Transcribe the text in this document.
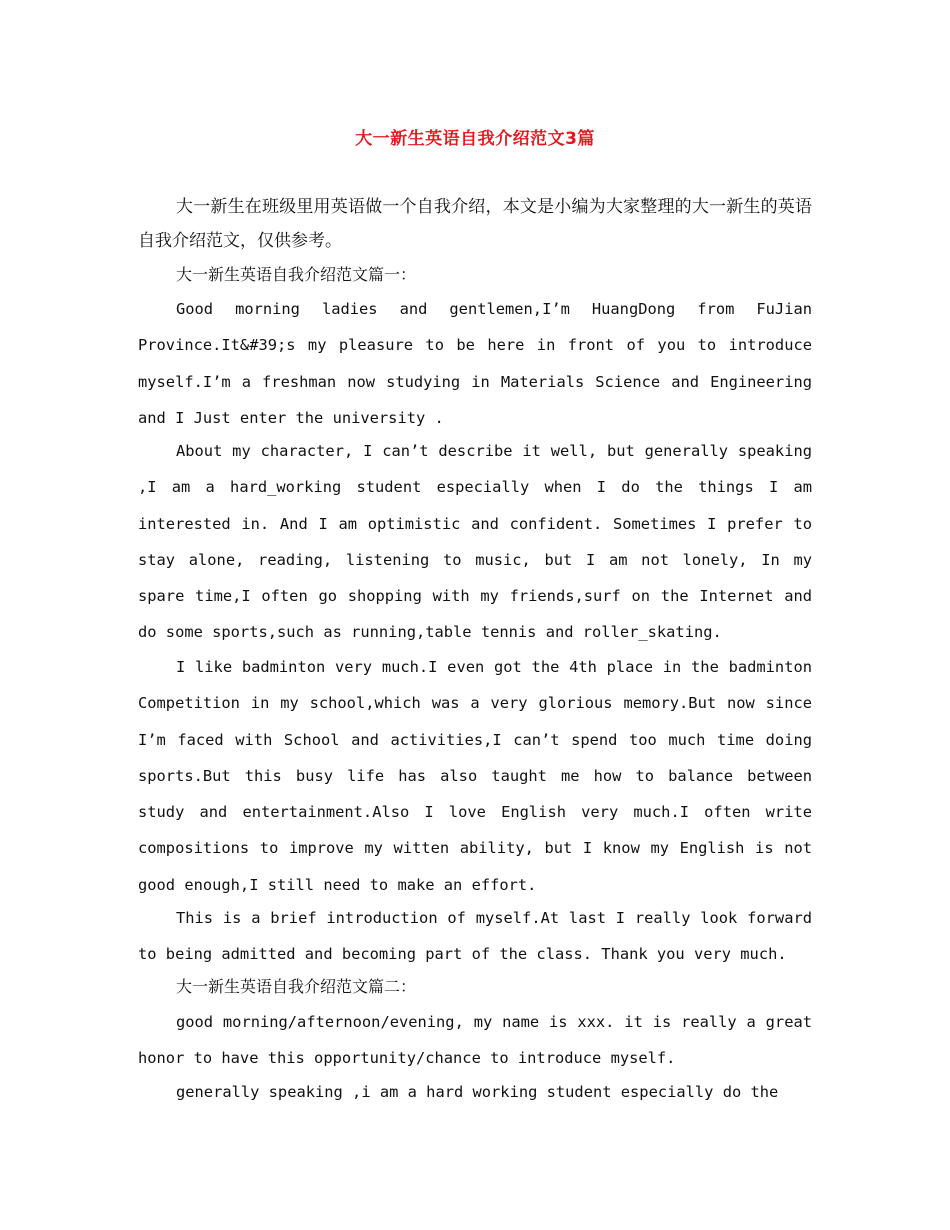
大一新生英语自我介绍范文3篇

大一新生在班级里用英语做一个自我介绍，本文是小编为大家整理的大一新生的英语自我介绍范文，仅供参考。

大一新生英语自我介绍范文篇一：

Good morning ladies and gentlemen,I’m HuangDong from FuJian Province.It&#39;s my pleasure to be here in front of you to introduce myself.I’m a freshman now studying in Materials Science and Engineering and I Just enter the university .

About my character, I can’t describe it well, but generally speaking ,I am a hard_working student especially when I do the things I am interested in. And I am optimistic and confident. Sometimes I prefer to stay alone, reading, listening to music, but I am not lonely, In my spare time,I often go shopping with my friends,surf on the Internet and do some sports,such as running,table tennis and roller_skating.

I like badminton very much.I even got the 4th place in the badminton Competition in my school,which was a very glorious memory.But now since I’m faced with School and activities,I can’t spend too much time doing sports.But this busy life has also taught me how to balance between study and entertainment.Also I love English very much.I often write compositions to improve my witten ability, but I know my English is not good enough,I still need to make an effort.

This is a brief introduction of myself.At last I really look forward to being admitted and becoming part of the class. Thank you very much.

大一新生英语自我介绍范文篇二：

good morning/afternoon/evening, my name is xxx. it is really a great honor to have this opportunity/chance to introduce myself.

generally speaking ,i am a hard working student especially do the
